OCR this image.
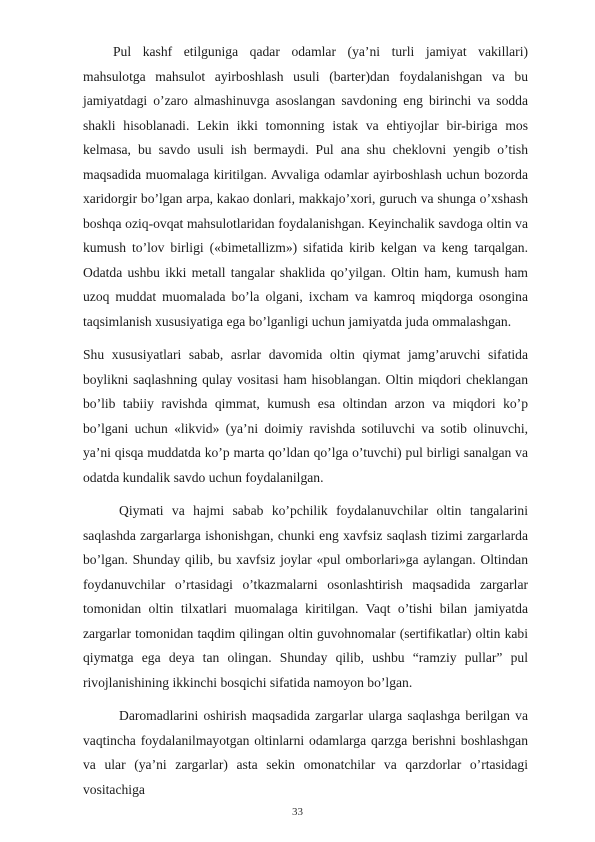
Pul kashf etilguniga qadar odamlar (ya’ni turli jamiyat vakillari) mahsulotga mahsulot ayirboshlash usuli (barter)dan foydalanishgan va bu jamiyatdagi o’zaro almashinuvga asoslangan savdoning eng birinchi va sodda shakli hisoblanadi. Lekin ikki tomonning istak va ehtiyojlar bir-biriga mos kelmasa, bu savdo usuli ish bermaydi. Pul ana shu cheklovni yengib o’tish maqsadida muomalaga kiritilgan. Avvaliga odamlar ayirboshlash uchun bozorda xaridorgir bo’lgan arpa, kakao donlari, makkajo’xori, guruch va shunga o’xshash boshqa oziq-ovqat mahsulotlaridan foydalanishgan. Keyinchalik savdoga oltin va kumush to’lov birligi («bimetallizm») sifatida kirib kelgan va keng tarqalgan. Odatda ushbu ikki metall tangalar shaklida qo’yilgan. Oltin ham, kumush ham uzoq muddat muomalada bo’la olgani, ixcham va kamroq miqdorga osongina taqsimlanish xususiyatiga ega bo’lganligi uchun jamiyatda juda ommalashgan.

Shu xususiyatlari sabab, asrlar davomida oltin qiymat jamg’aruvchi sifatida boylikni saqlashning qulay vositasi ham hisoblangan. Oltin miqdori cheklangan bo’lib tabiiy ravishda qimmat, kumush esa oltindan arzon va miqdori ko’p bo’lgani uchun «likvid» (ya’ni doimiy ravishda sotiluvchi va sotib olinuvchi, ya’ni qisqa muddatda ko’p marta qo’ldan qo’lga o’tuvchi) pul birligi sanalgan va odatda kundalik savdo uchun foydalanilgan.

Qiymati va hajmi sabab ko’pchilik foydalanuvchilar oltin tangalarini saqlashda zargarlarga ishonishgan, chunki eng xavfsiz saqlash tizimi zargarlarda bo’lgan. Shunday qilib, bu xavfsiz joylar «pul omborlari»ga aylangan. Oltindan foydanuvchilar o’rtasidagi o’tkazmalarni osonlashtirish maqsadida zargarlar tomonidan oltin tilxatlari muomalaga kiritilgan. Vaqt o’tishi bilan jamiyatda zargarlar tomonidan taqdim qilingan oltin guvohnomalar (sertifikatlar) oltin kabi qiymatga ega deya tan olingan. Shunday qilib, ushbu “ramziy pullar” pul rivojlanishining ikkinchi bosqichi sifatida namoyon bo’lgan.

Daromadlarini oshirish maqsadida zargarlar ularga saqlashga berilgan va vaqtincha foydalanilmayotgan oltinlarni odamlarga qarzga berishni boshlashgan va ular (ya’ni zargarlar) asta sekin omonatchilar va qarzdorlar o’rtasidagi vositachiga

33
